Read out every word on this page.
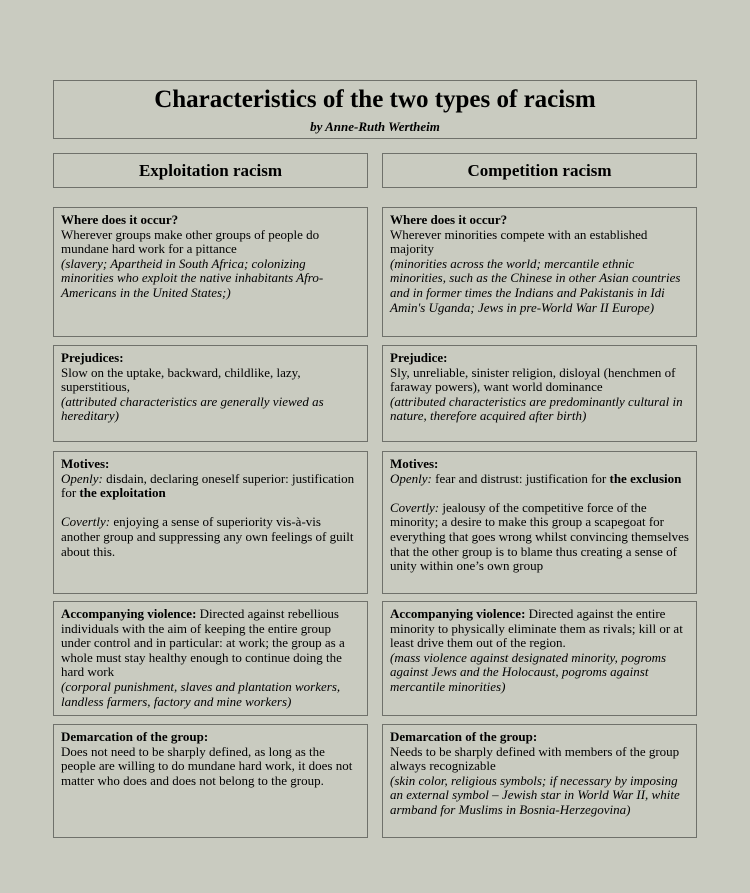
Characteristics of the two types of racism
by Anne-Ruth Wertheim
Exploitation racism	Competition racism
Where does it occur?
Wherever groups make other groups of people do mundane hard work for a pittance
(slavery; Apartheid in South Africa; colonizing minorities who exploit the native inhabitants Afro-Americans in the United States;)
Where does it occur?
Wherever minorities compete with an established majority
(minorities across the world; mercantile ethnic minorities, such as the Chinese in other Asian countries and in former times the Indians and Pakistanis in Idi Amin's Uganda; Jews in pre-World War II Europe)
Prejudices:
Slow on the uptake, backward, childlike, lazy, superstitious,
(attributed characteristics are generally viewed as hereditary)
Prejudice:
Sly, unreliable, sinister religion, disloyal (henchmen of faraway powers), want world dominance
(attributed characteristics are predominantly cultural in nature, therefore acquired after birth)
Motives:
Openly: disdain, declaring oneself superior: justification for the exploitation
Covertly: enjoying a sense of superiority vis-à-vis another group and suppressing any own feelings of guilt about this.
Motives:
Openly: fear and distrust: justification for the exclusion
Covertly: jealousy of the competitive force of the minority; a desire to make this group a scapegoat for everything that goes wrong whilst convincing themselves that the other group is to blame thus creating a sense of unity within one’s own group
Accompanying violence: Directed against rebellious individuals with the aim of keeping the entire group under control and in particular: at work; the group as a whole must stay healthy enough to continue doing the hard work
(corporal punishment, slaves and plantation workers, landless farmers, factory and mine workers)
Accompanying violence: Directed against the entire minority to physically eliminate them as rivals; kill or at least drive them out of the region.
(mass violence against designated minority, pogroms against Jews and the Holocaust, pogroms against mercantile minorities)
Demarcation of the group:
Does not need to be sharply defined, as long as the people are willing to do mundane hard work, it does not matter who does and does not belong to the group.
Demarcation of the group:
Needs to be sharply defined with members of the group always recognizable
(skin color, religious symbols; if necessary by imposing an external symbol – Jewish star in World War II, white armband for Muslims in Bosnia-Herzegovina)
